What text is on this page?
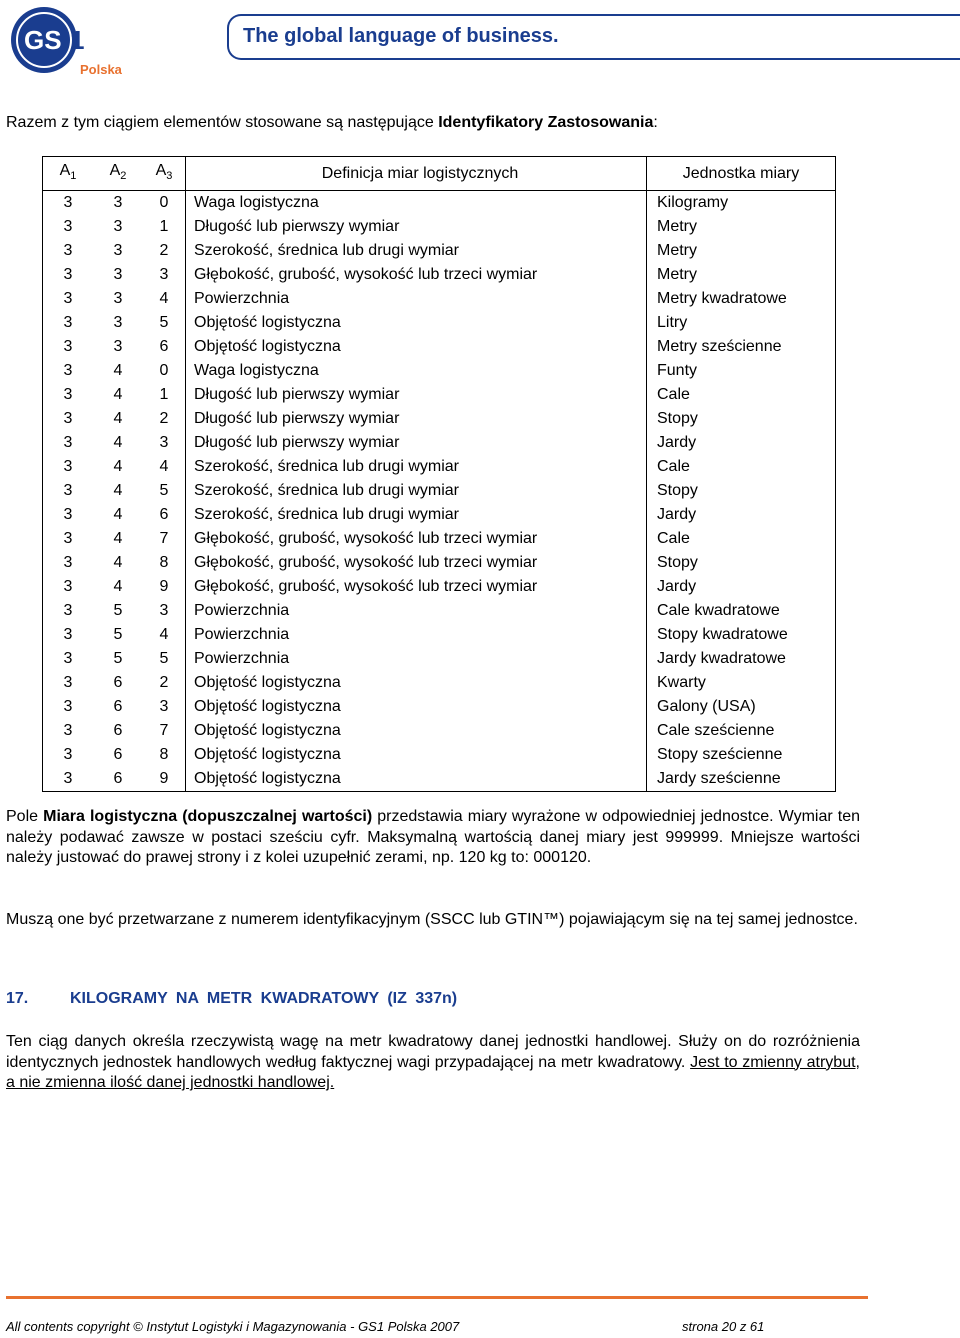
GS 1
Polska
The global language of business.
Razem z tym ciągiem elementów stosowane są następujące Identyfikatory Zastosowania:
$A_1$	$A_2$	$A_3$	Definicja miar logistycznych	Jednostka miary
3	3	0	Waga logistyczna	Kilogramy
3	3	1	Długość lub pierwszy wymiar	Metry
3	3	2	Szerokość, średnica lub drugi wymiar	Metry
3	3	3	Głębokość, grubość, wysokość lub trzeci wymiar	Metry
3	3	4	Powierzchnia	Metry kwadratowe
3	3	5	Objętość logistyczna	Litry
3	3	6	Objętość logistyczna	Metry sześcienne
3	4	0	Waga logistyczna	Funty
3	4	1	Długość lub pierwszy wymiar	Cale
3	4	2	Długość lub pierwszy wymiar	Stopy
3	4	3	Długość lub pierwszy wymiar	Jardy
3	4	4	Szerokość, średnica lub drugi wymiar	Cale
3	4	5	Szerokość, średnica lub drugi wymiar	Stopy
3	4	6	Szerokość, średnica lub drugi wymiar	Jardy
3	4	7	Głębokość, grubość, wysokość lub trzeci wymiar	Cale
3	4	8	Głębokość, grubość, wysokość lub trzeci wymiar	Stopy
3	4	9	Głębokość, grubość, wysokość lub trzeci wymiar	Jardy
3	5	3	Powierzchnia	Cale kwadratowe
3	5	4	Powierzchnia	Stopy kwadratowe
3	5	5	Powierzchnia	Jardy kwadratowe
3	6	2	Objętość logistyczna	Kwarty
3	6	3	Objętość logistyczna	Galony (USA)
3	6	7	Objętość logistyczna	Cale sześcienne
3	6	8	Objętość logistyczna	Stopy sześcienne
3	6	9	Objętość logistyczna	Jardy sześcienne
Pole Miara logistyczna (dopuszczalnej wartości) przedstawia miary wyrażone w odpowiedniej jednostce. Wymiar ten należy podawać zawsze w postaci sześciu cyfr. Maksymalną wartością danej miary jest 999999. Mniejsze wartości należy justować do prawej strony i z kolei uzupełnić zerami, np. 120 kg to: 000120.
Muszą one być przetwarzane z numerem identyfikacyjnym (SSCC lub GTIN™) pojawiającym się na tej samej jednostce.
17.	KILOGRAMY NA METR KWADRATOWY (IZ 337n)
Ten ciąg danych określa rzeczywistą wagę na metr kwadratowy danej jednostki handlowej. Służy on do rozróżnienia identycznych jednostek handlowych według faktycznej wagi przypadającej na metr kwadratowy. Jest to zmienny atrybut, a nie zmienna ilość danej jednostki handlowej.
All contents copyright © Instytut Logistyki i Magazynowania - GS1 Polska 2007	strona 20 z 61
